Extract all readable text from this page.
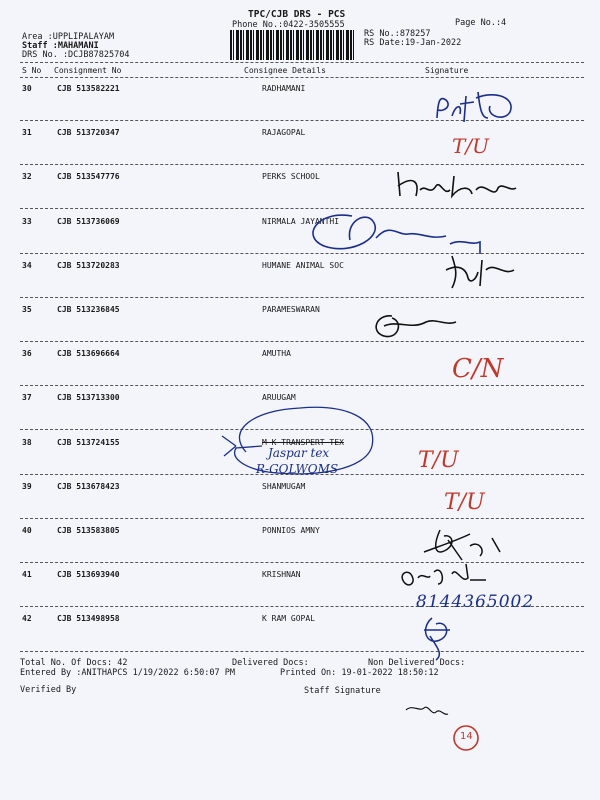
TPC/CJB DRS - PCS
Phone No.:0422-3505555	Page No.:4
RS No.:878257
RS Date:19-Jan-2022
Area :UPPLIPALAYAM
Staff :MAHAMANI
DRS No. :DCJB87825704
S No Consignment No	Consignee Details	Signature
30	CJB 513582221	RADHAMANI
31	CJB 513720347	RAJAGOPAL
32	CJB 513547776	PERKS SCHOOL
33	CJB 513736069	NIRMALA JAYANTHI
34	CJB 513720283	HUMANE ANIMAL SOC
35	CJB 513236845	PARAMESWARAN
36	CJB 513696664	AMUTHA
37	CJB 513713300	ARUUGAM
38	CJB 513724155	M K TRANSPERT TEX
39	CJB 513678423	SHANMUGAM
40	CJB 513583805	PONNIOS AMNY
41	CJB 513693940	KRISHNAN
42	CJB 513498958	K RAM GOPAL
T/U
C/N
Jaspar tex
R-GOLWOMS	T/U
T/U
8144365002
14
Total No. Of Docs: 42	Delivered Docs:	Non Delivered Docs:
Entered By :ANITHAPCS 1/19/2022 6:50:07 PM	Printed On: 19-01-2022 18:50:12
Verified By	Staff Signature
